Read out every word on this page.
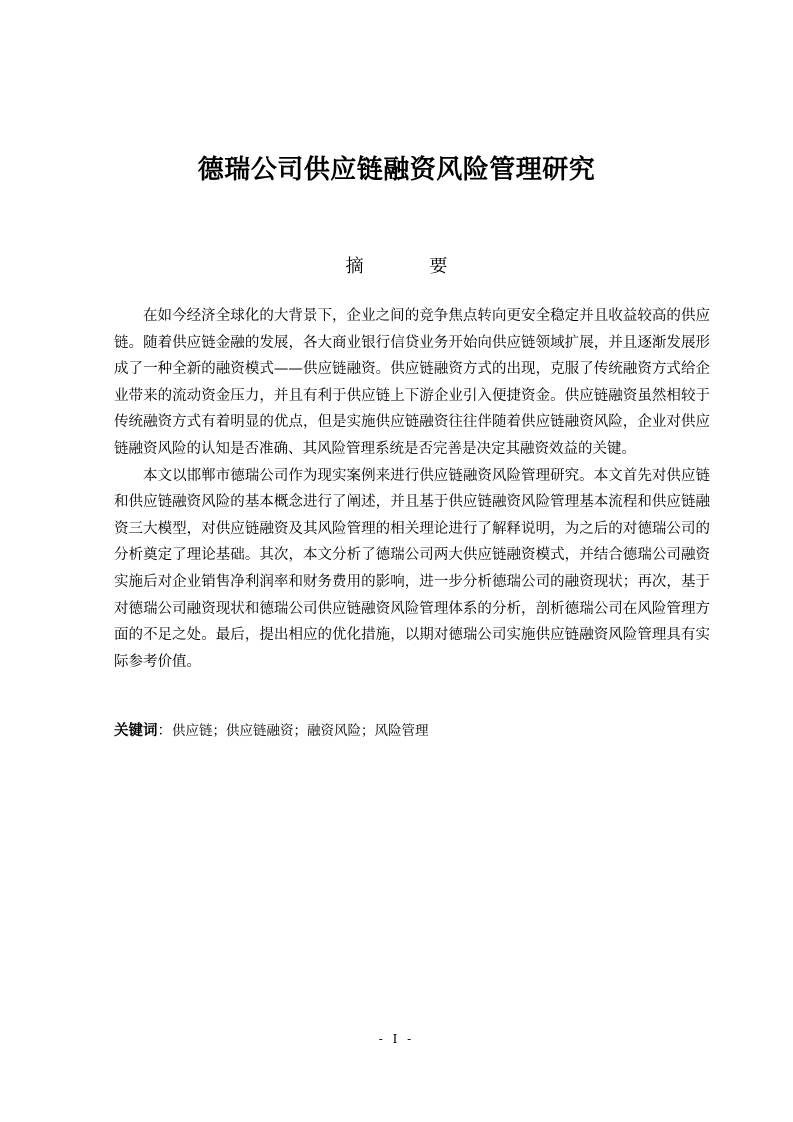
德瑞公司供应链融资风险管理研究
摘 要

在如今经济全球化的大背景下，企业之间的竞争焦点转向更安全稳定并且收益较高的供应链。随着供应链金融的发展，各大商业银行信贷业务开始向供应链领域扩展，并且逐渐发展形成了一种全新的融资模式——供应链融资。供应链融资方式的出现，克服了传统融资方式给企业带来的流动资金压力，并且有利于供应链上下游企业引入便捷资金。供应链融资虽然相较于传统融资方式有着明显的优点，但是实施供应链融资往往伴随着供应链融资风险，企业对供应链融资风险的认知是否准确、其风险管理系统是否完善是决定其融资效益的关键。

本文以邯郸市德瑞公司作为现实案例来进行供应链融资风险管理研究。本文首先对供应链和供应链融资风险的基本概念进行了阐述，并且基于供应链融资风险管理基本流程和供应链融资三大模型，对供应链融资及其风险管理的相关理论进行了解释说明，为之后的对德瑞公司的分析奠定了理论基础。其次，本文分析了德瑞公司两大供应链融资模式，并结合德瑞公司融资实施后对企业销售净利润率和财务费用的影响，进一步分析德瑞公司的融资现状；再次，基于对德瑞公司融资现状和德瑞公司供应链融资风险管理体系的分析，剖析德瑞公司在风险管理方面的不足之处。最后，提出相应的优化措施，以期对德瑞公司实施供应链融资风险管理具有实际参考价值。

关键词：供应链；供应链融资；融资风险；风险管理
- I -
